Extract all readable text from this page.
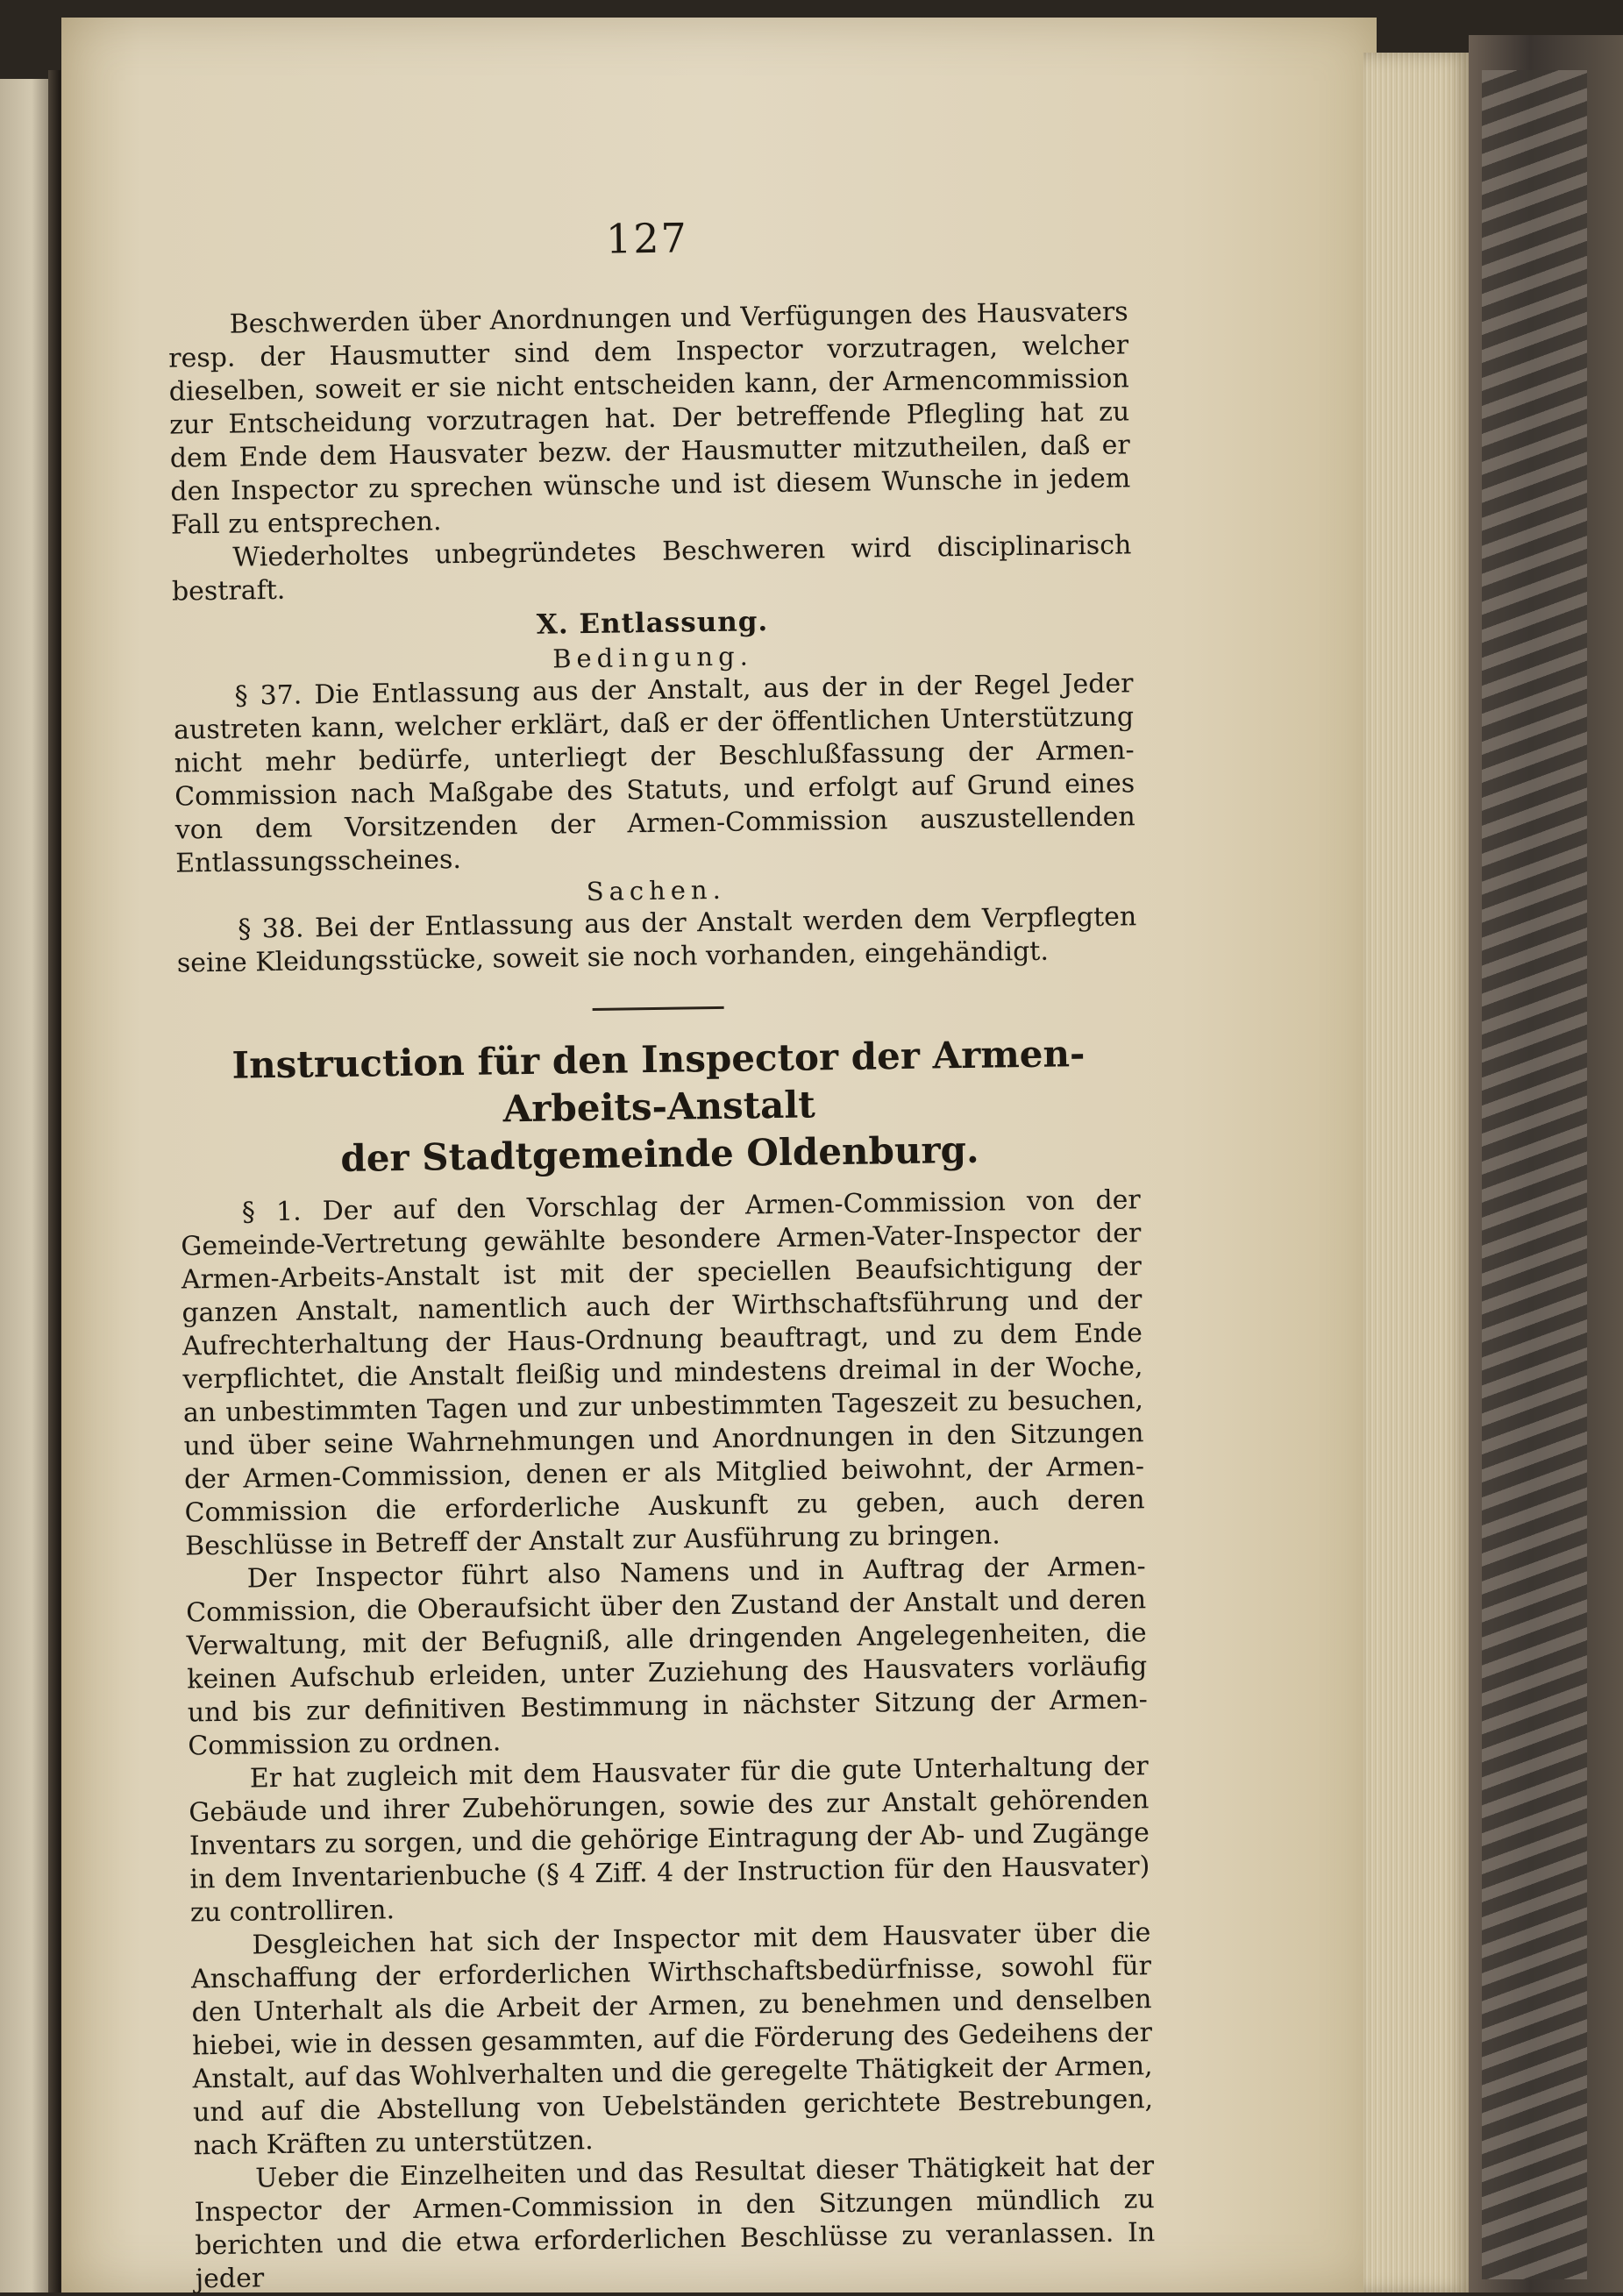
127

Beschwerden über Anordnungen und Verfügungen des Hausvaters resp. der Hausmutter sind dem Inspector vorzutragen, welcher dieselben, soweit er sie nicht entscheiden kann, der Armencommission zur Entscheidung vorzutragen hat. Der betreffende Pflegling hat zu dem Ende dem Hausvater bezw. der Hausmutter mitzutheilen, daß er den Inspector zu sprechen wünsche und ist diesem Wunsche in jedem Fall zu entsprechen.

Wiederholtes unbegründetes Beschweren wird disciplinarisch bestraft.

X. Entlassung.
Bedingung.

§ 37. Die Entlassung aus der Anstalt, aus der in der Regel Jeder austreten kann, welcher erklärt, daß er der öffentlichen Unterstützung nicht mehr bedürfe, unterliegt der Beschlußfassung der Armen-Commission nach Maßgabe des Statuts, und erfolgt auf Grund eines von dem Vorsitzenden der Armen-Commission auszustellenden Entlassungsscheines.

Sachen.

§ 38. Bei der Entlassung aus der Anstalt werden dem Verpflegten seine Kleidungsstücke, soweit sie noch vorhanden, eingehändigt.

Instruction für den Inspector der Armen-Arbeits-Anstalt
der Stadtgemeinde Oldenburg.

§ 1. Der auf den Vorschlag der Armen-Commission von der Gemeinde-Vertretung gewählte besondere Armen-Vater-Inspector der Armen-Arbeits-Anstalt ist mit der speciellen Beaufsichtigung der ganzen Anstalt, namentlich auch der Wirthschaftsführung und der Aufrechterhaltung der Haus-Ordnung beauftragt, und zu dem Ende verpflichtet, die Anstalt fleißig und mindestens dreimal in der Woche, an unbestimmten Tagen und zur unbestimmten Tageszeit zu besuchen, und über seine Wahrnehmungen und Anordnungen in den Sitzungen der Armen-Commission, denen er als Mitglied beiwohnt, der Armen-Commission die erforderliche Auskunft zu geben, auch deren Beschlüsse in Betreff der Anstalt zur Ausführung zu bringen.

Der Inspector führt also Namens und in Auftrag der Armen-Commission, die Oberaufsicht über den Zustand der Anstalt und deren Verwaltung, mit der Befugniß, alle dringenden Angelegenheiten, die keinen Aufschub erleiden, unter Zuziehung des Hausvaters vorläufig und bis zur definitiven Bestimmung in nächster Sitzung der Armen-Commission zu ordnen.

Er hat zugleich mit dem Hausvater für die gute Unterhaltung der Gebäude und ihrer Zubehörungen, sowie des zur Anstalt gehörenden Inventars zu sorgen, und die gehörige Eintragung der Ab- und Zugänge in dem Inventarienbuche (§ 4 Ziff. 4 der Instruction für den Hausvater) zu controlliren.

Desgleichen hat sich der Inspector mit dem Hausvater über die Anschaffung der erforderlichen Wirthschaftsbedürfnisse, sowohl für den Unterhalt als die Arbeit der Armen, zu benehmen und denselben hiebei, wie in dessen gesammten, auf die Förderung des Gedeihens der Anstalt, auf das Wohlverhalten und die geregelte Thätigkeit der Armen, und auf die Abstellung von Uebelständen gerichtete Bestrebungen, nach Kräften zu unterstützen.

Ueber die Einzelheiten und das Resultat dieser Thätigkeit hat der Inspector der Armen-Commission in den Sitzungen mündlich zu berichten und die etwa erforderlichen Beschlüsse zu veranlassen. In jeder
